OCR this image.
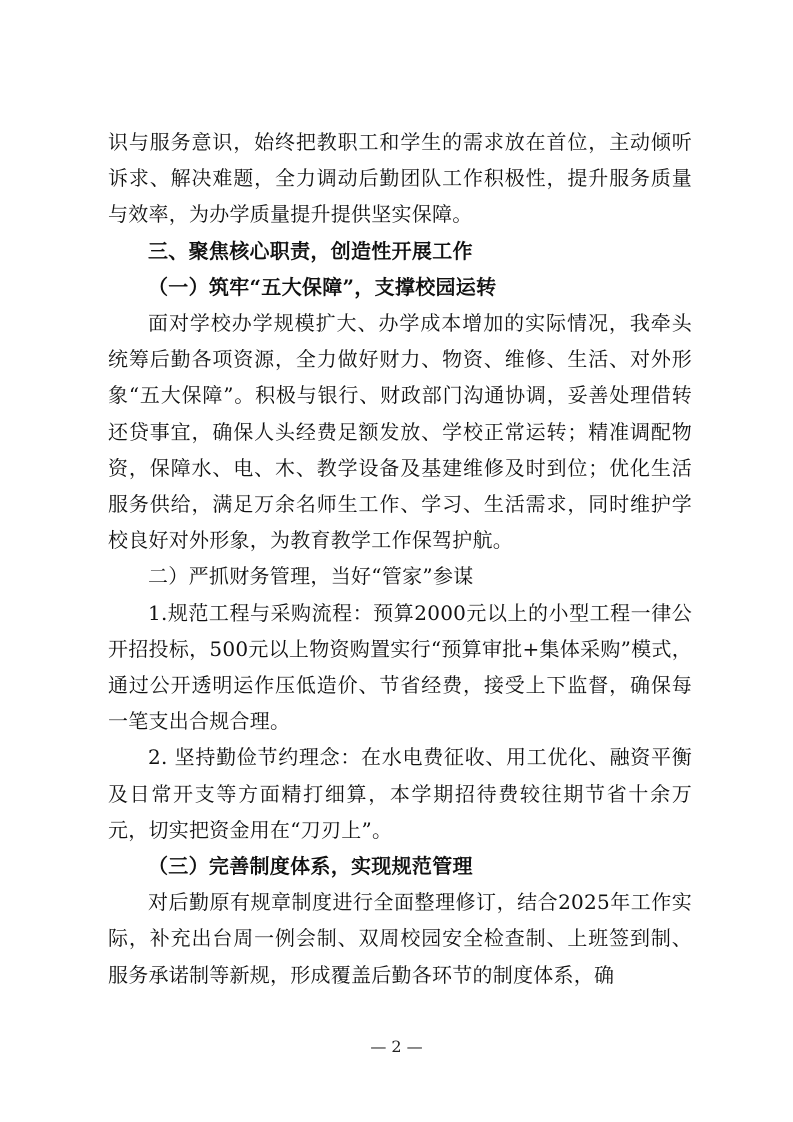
识与服务意识，始终把教职工和学生的需求放在首位，主动倾听诉求、解决难题，全力调动后勤团队工作积极性，提升服务质量与效率，为办学质量提升提供坚实保障。

三、聚焦核心职责，创造性开展工作

（一）筑牢“五大保障”，支撑校园运转

面对学校办学规模扩大、办学成本增加的实际情况，我牵头统筹后勤各项资源，全力做好财力、物资、维修、生活、对外形象“五大保障”。积极与银行、财政部门沟通协调，妥善处理借转还贷事宜，确保人头经费足额发放、学校正常运转；精准调配物资，保障水、电、木、教学设备及基建维修及时到位；优化生活服务供给，满足万余名师生工作、学习、生活需求，同时维护学校良好对外形象，为教育教学工作保驾护航。

二）严抓财务管理，当好“管家”参谋

1.规范工程与采购流程：预算2000元以上的小型工程一律公开招投标，500元以上物资购置实行“预算审批+集体采购”模式，通过公开透明运作压低造价、节省经费，接受上下监督，确保每一笔支出合规合理。

2. 坚持勤俭节约理念：在水电费征收、用工优化、融资平衡及日常开支等方面精打细算，本学期招待费较往期节省十余万元，切实把资金用在“刀刃上”。

（三）完善制度体系，实现规范管理

对后勤原有规章制度进行全面整理修订，结合2025年工作实际，补充出台周一例会制、双周校园安全检查制、上班签到制、服务承诺制等新规，形成覆盖后勤各环节的制度体系，确

— 2 —
